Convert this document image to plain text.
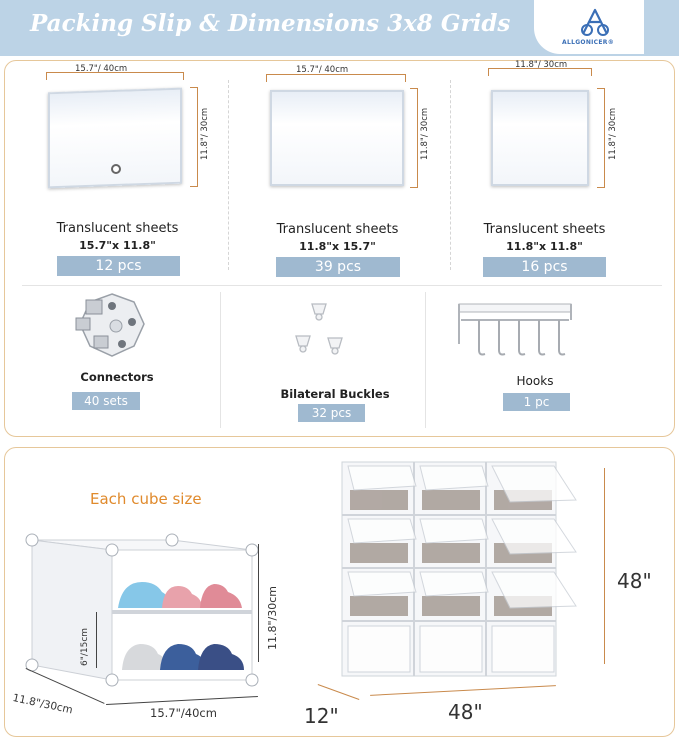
Packing Slip & Dimensions 3x8 Grids
ALLGONICER®
15.7"/ 40cm
11.8"/ 30cm
Translucent sheets
15.7"x 11.8"
12 pcs
15.7"/ 40cm
11.8"/ 30cm
Translucent sheets
11.8"x 15.7"
39 pcs
11.8"/ 30cm
11.8"/ 30cm
Translucent sheets
11.8"x 11.8"
16 pcs
Connectors
40 sets	Bilateral Buckles
32 pcs
Hooks
1 pc
Each cube size
11.8"/30cm
6"/15cm
11.8"/30cm	15.7"/40cm
48"
48"
12"
